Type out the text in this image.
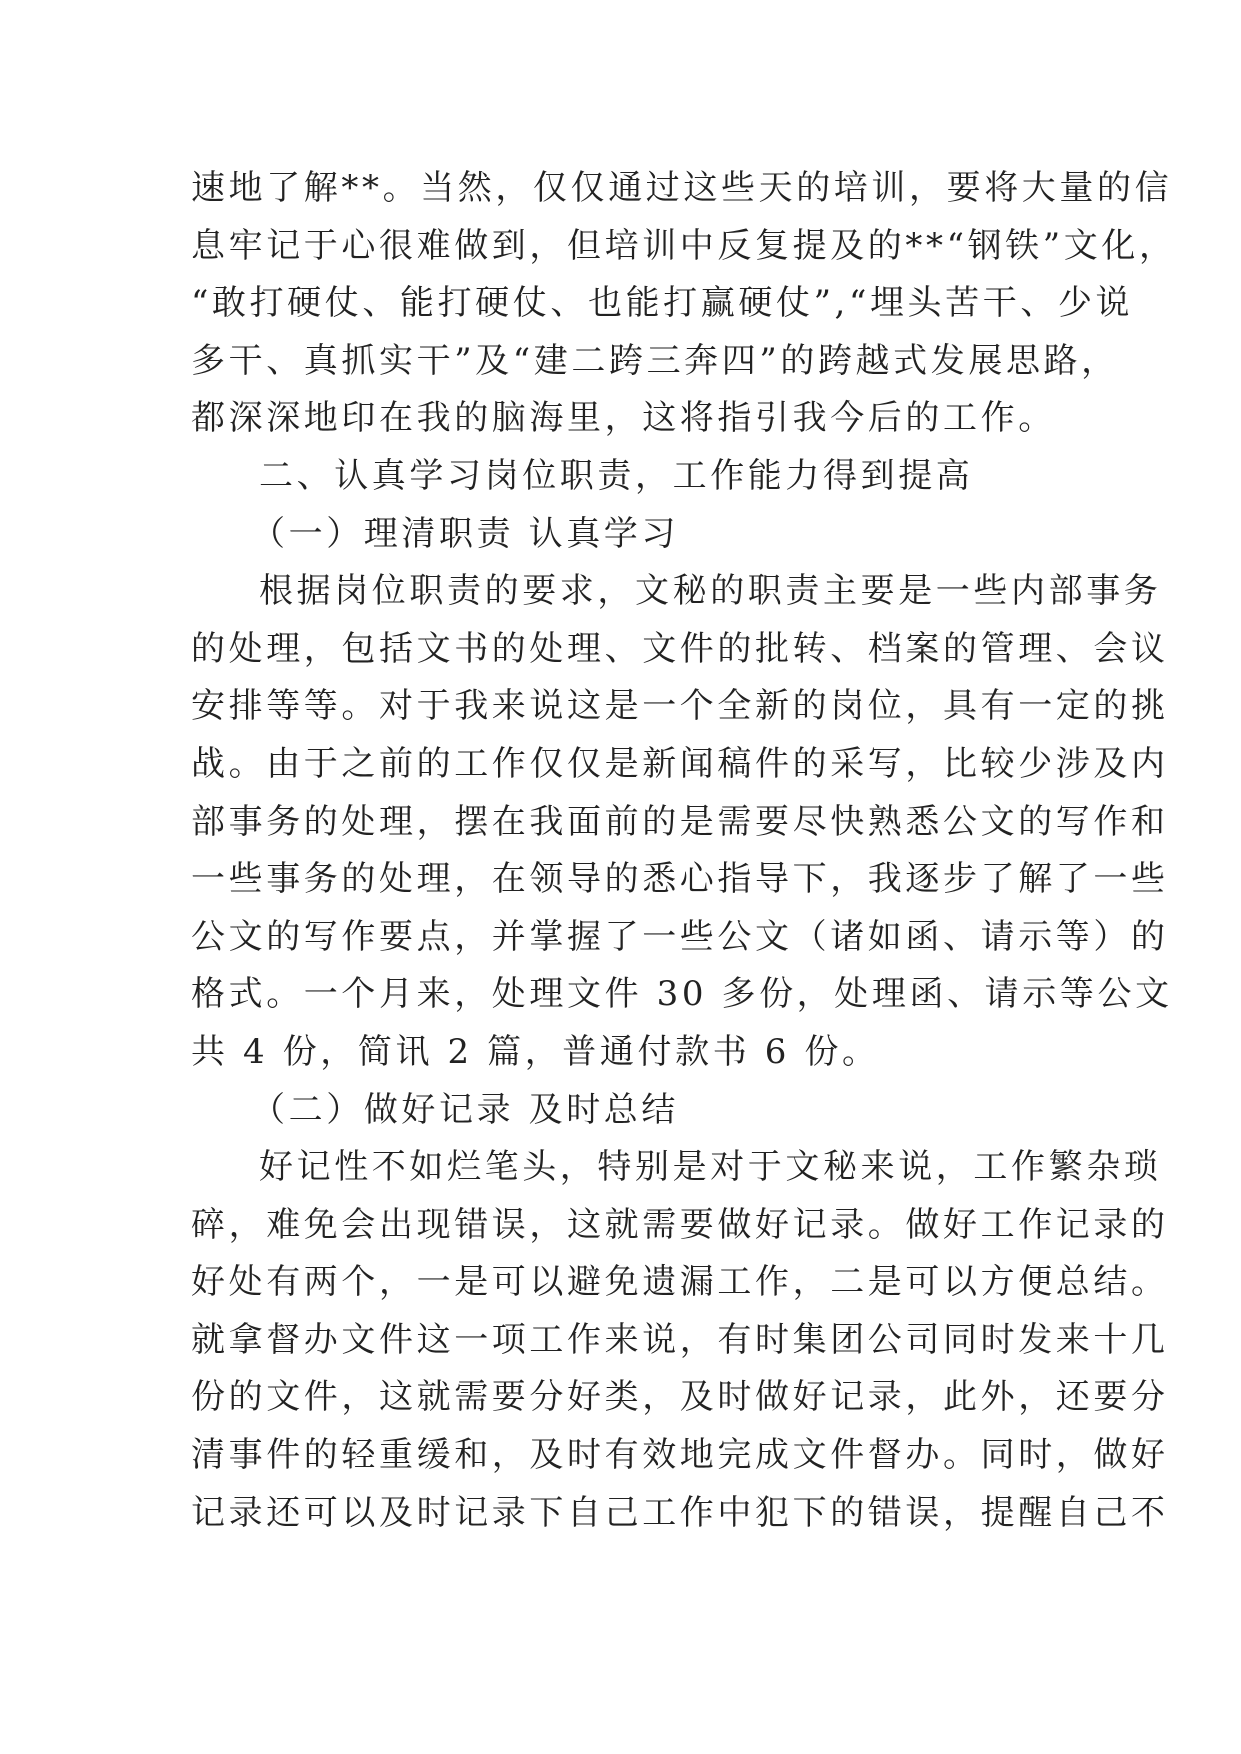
速地了解**。当然，仅仅通过这些天的培训，要将大量的信
息牢记于心很难做到，但培训中反复提及的**“钢铁”文化，
“敢打硬仗、能打硬仗、也能打赢硬仗”,“埋头苦干、少说
多干、真抓实干”及“建二跨三奔四”的跨越式发展思路，
都深深地印在我的脑海里，这将指引我今后的工作。
二、认真学习岗位职责，工作能力得到提高
（一）理清职责 认真学习
根据岗位职责的要求，文秘的职责主要是一些内部事务
的处理，包括文书的处理、文件的批转、档案的管理、会议
安排等等。对于我来说这是一个全新的岗位，具有一定的挑
战。由于之前的工作仅仅是新闻稿件的采写，比较少涉及内
部事务的处理，摆在我面前的是需要尽快熟悉公文的写作和
一些事务的处理，在领导的悉心指导下，我逐步了解了一些
公文的写作要点，并掌握了一些公文（诸如函、请示等）的
格式。一个月来，处理文件 30 多份，处理函、请示等公文
共 4 份，简讯 2 篇，普通付款书 6 份。
（二）做好记录 及时总结
好记性不如烂笔头，特别是对于文秘来说，工作繁杂琐
碎，难免会出现错误，这就需要做好记录。做好工作记录的
好处有两个，一是可以避免遗漏工作，二是可以方便总结。
就拿督办文件这一项工作来说，有时集团公司同时发来十几
份的文件，这就需要分好类，及时做好记录，此外，还要分
清事件的轻重缓和，及时有效地完成文件督办。同时，做好
记录还可以及时记录下自己工作中犯下的错误，提醒自己不
